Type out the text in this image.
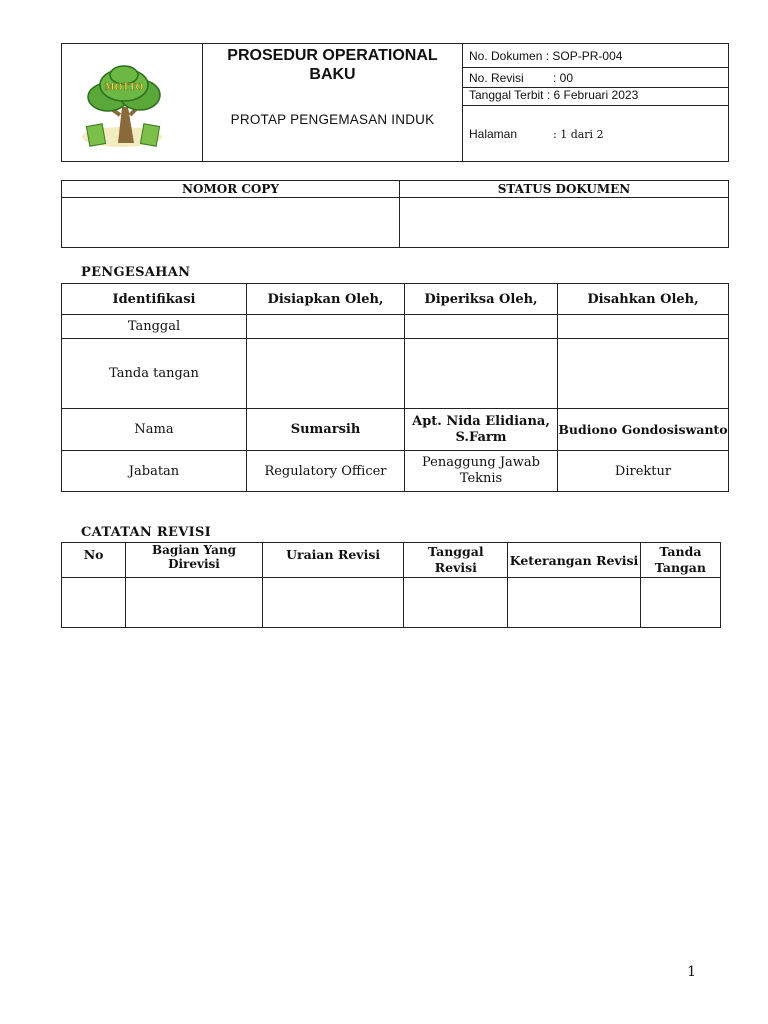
MOTTO

PROSEDUR OPERATIONAL BAKU
PROTAP PENGEMASAN INDUK
	No. Dokumen : SOP-PR-004
No. Revisi : 00
Tanggal Terbit : 6 Februari 2023
Halaman	: 1 dari 2
NOMOR COPY	STATUS DOKUMEN

PENGESAHAN
Identifikasi	Disiapkan Oleh,	Diperiksa Oleh,	Disahkan Oleh,
Tanggal			
Tanda tangan			
Nama	Sumarsih	Apt. Nida Elidiana, S.Farm	Budiono Gondosiswanto
Jabatan	Regulatory Officer	Penaggung Jawab Teknis	Direktur
CATATAN REVISI
No	Bagian Yang Direvisi	Uraian Revisi	Tanggal Revisi	Keterangan Revisi	Tanda Tangan

1
